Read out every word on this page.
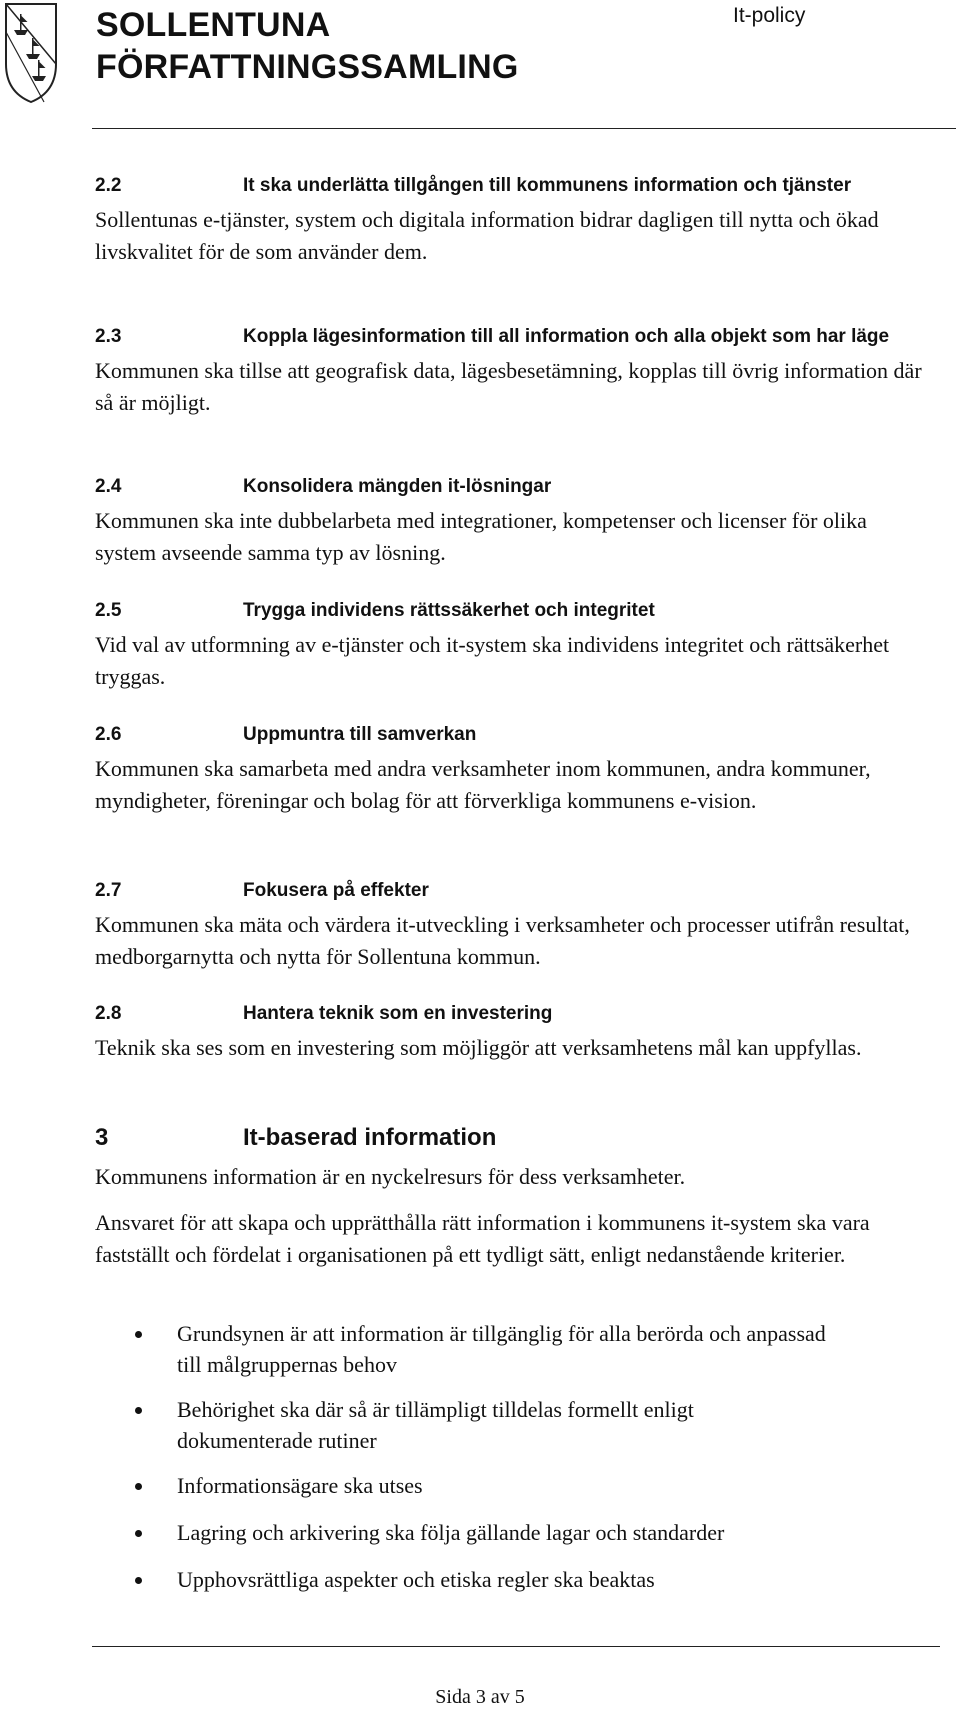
SOLLENTUNA
FÖRFATTNINGSSAMLING
It-policy
2.2	It ska underlätta tillgången till kommunens information och tjänster
Sollentunas e-tjänster, system och digitala information bidrar dagligen till nytta och ökad livskvalitet för de som använder dem.
2.3	Koppla lägesinformation till all information och alla objekt som har läge
Kommunen ska tillse att geografisk data, lägesbesetämning, kopplas till övrig information där så är möjligt.
2.4	Konsolidera mängden it-lösningar
Kommunen ska inte dubbelarbeta med integrationer, kompetenser och licenser för olika system avseende samma typ av lösning.
2.5	Trygga individens rättssäkerhet och integritet
Vid val av utformning av e-tjänster och it-system ska individens integritet och rättsäkerhet tryggas.
2.6	Uppmuntra till samverkan
Kommunen ska samarbeta med andra verksamheter inom kommunen, andra kommuner, myndigheter, föreningar och bolag för att förverkliga kommunens e-vision.
2.7	Fokusera på effekter
Kommunen ska mäta och värdera it-utveckling i verksamheter och processer utifrån resultat, medborgarnytta och nytta för Sollentuna kommun.
2.8	Hantera teknik som en investering
Teknik ska ses som en investering som möjliggör att verksamhetens mål kan uppfyllas.
3	It-baserad information
Kommunens information är en nyckelresurs för dess verksamheter.
Ansvaret för att skapa och upprätthålla rätt information i kommunens it-system ska vara fastställt och fördelat i organisationen på ett tydligt sätt, enligt nedanstående kriterier.
Grundsynen är att information är tillgänglig för alla berörda och anpassad till målgruppernas behov
Behörighet ska där så är tillämpligt tilldelas formellt enligt dokumenterade rutiner
Informationsägare ska utses
Lagring och arkivering ska följa gällande lagar och standarder
Upphovsrättliga aspekter och etiska regler ska beaktas
Sida 3 av 5
